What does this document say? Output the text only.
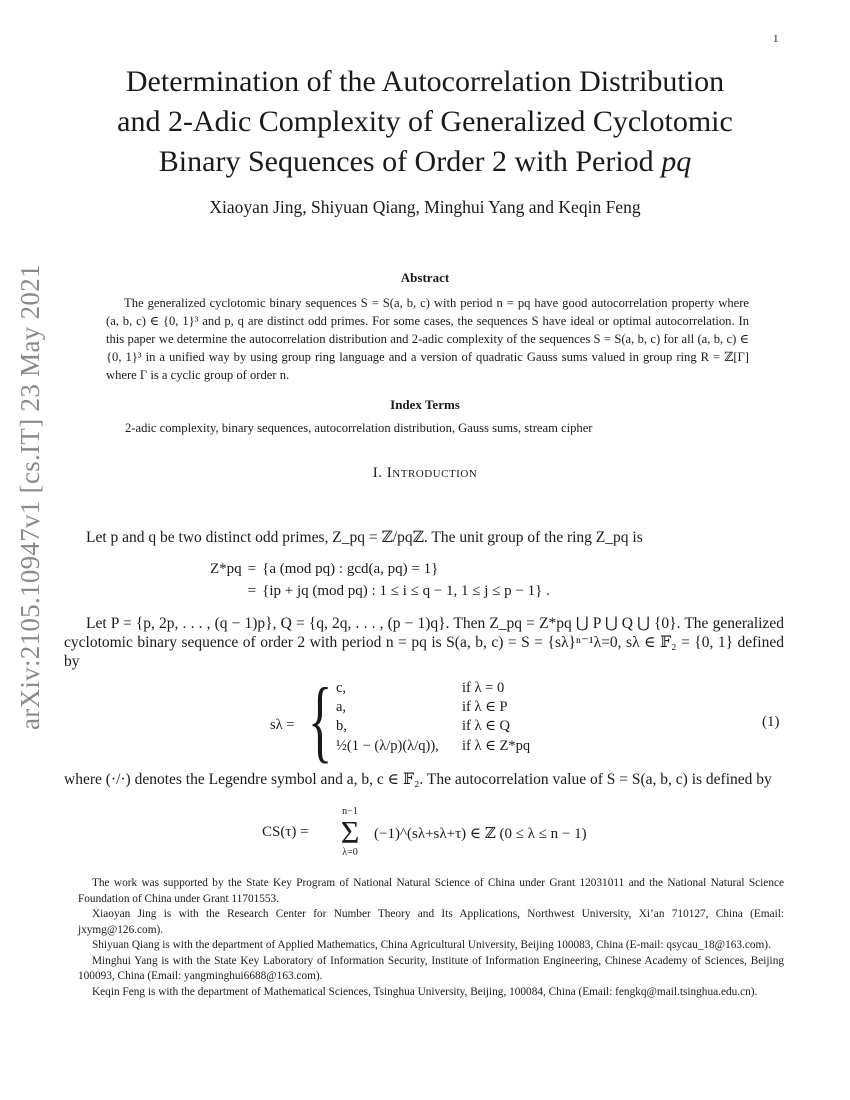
1
arXiv:2105.10947v1 [cs.IT] 23 May 2021
Determination of the Autocorrelation Distribution
and 2-Adic Complexity of Generalized Cyclotomic
Binary Sequences of Order 2 with Period pq
Xiaoyan Jing, Shiyuan Qiang, Minghui Yang and Keqin Feng
Abstract

The generalized cyclotomic binary sequences S = S(a, b, c) with period n = pq have good autocorrelation property where (a, b, c) ∈ {0, 1}³ and p, q are distinct odd primes. For some cases, the sequences S have ideal or optimal autocorrelation. In this paper we determine the autocorrelation distribution and 2-adic complexity of the sequences S = S(a, b, c) for all (a, b, c) ∈ {0, 1}³ in a unified way by using group ring language and a version of quadratic Gauss sums valued in group ring R = ℤ[Γ] where Γ is a cyclic group of order n.

Index Terms
2-adic complexity, binary sequences, autocorrelation distribution, Gauss sums, stream cipher
I. Introduction
Let p and q be two distinct odd primes, Z_pq = ℤ/pqℤ. The unit group of the ring Z_pq is
Z*pq	=	{a (mod pq) : gcd(a, pq) = 1}
	=	{ip + jq (mod pq) : 1 ≤ i ≤ q − 1, 1 ≤ j ≤ p − 1} .
Let P = {p, 2p, . . . , (q − 1)p}, Q = {q, 2q, . . . , (p − 1)q}. Then Z_pq = Z*pq ⋃ P ⋃ Q ⋃ {0}. The generalized cyclotomic binary sequence of order 2 with period n = pq is S(a, b, c) = S = {sλ}ⁿ⁻¹λ=0, sλ ∈ 𝔽₂ = {0, 1} defined by
sλ = { c,	if λ = 0
a,	if λ ∈ P
b,	if λ ∈ Q
½(1 − (λ/p)(λ/q)), if λ ∈ Z*pq
(1)
where (·/·) denotes the Legendre symbol and a, b, c ∈ 𝔽₂. The autocorrelation value of S = S(a, b, c) is defined by
CS(τ) =
n−1
Σ
λ=0
(−1)^(sλ+sλ+τ) ∈ ℤ (0 ≤ λ ≤ n − 1)

The work was supported by the State Key Program of National Natural Science of China under Grant 12031011 and the National Natural Science Foundation of China under Grant 11701553.

Xiaoyan Jing is with the Research Center for Number Theory and Its Applications, Northwest University, Xi’an 710127, China (Email: jxymg@126.com).

Shiyuan Qiang is with the department of Applied Mathematics, China Agricultural University, Beijing 100083, China (E-mail: qsycau_18@163.com).

Minghui Yang is with the State Key Laboratory of Information Security, Institute of Information Engineering, Chinese Academy of Sciences, Beijing 100093, China (Email: yangminghui6688@163.com).

Keqin Feng is with the department of Mathematical Sciences, Tsinghua University, Beijing, 100084, China (Email: fengkq@mail.tsinghua.edu.cn).
